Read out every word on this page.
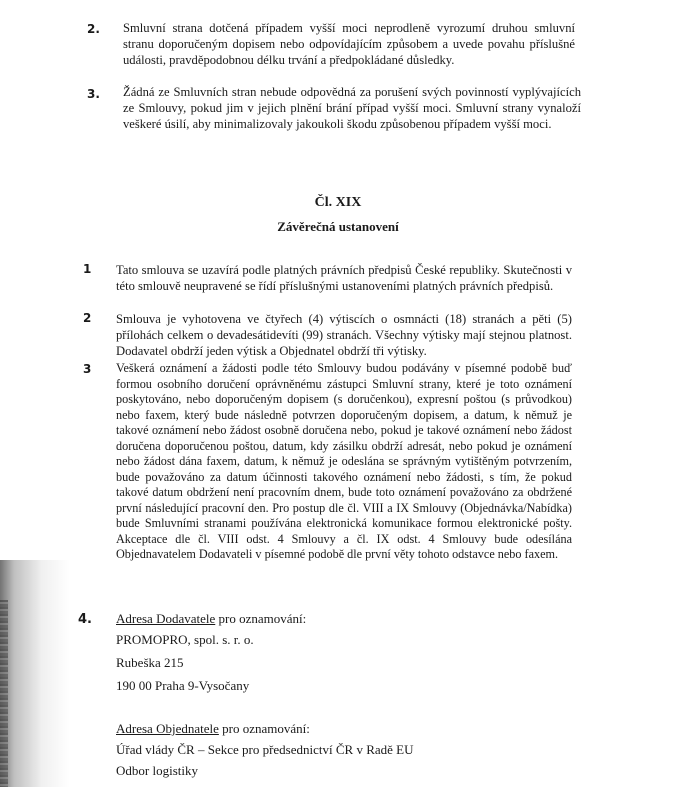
2. Smluvní strana dotčená případem vyšší moci neprodleně vyrozumí druhou smluvní stranu doporučeným dopisem nebo odpovídajícím způsobem a uvede povahu příslušné události, pravděpodobnou délku trvání a předpokládané důsledky.
3. Žádná ze Smluvních stran nebude odpovědná za porušení svých povinností vyplývajících ze Smlouvy, pokud jim v jejich plnění brání případ vyšší moci. Smluvní strany vynaloží veškeré úsilí, aby minimalizovaly jakoukoli škodu způsobenou případem vyšší moci.
Čl. XIX
Závěrečná ustanovení
1 Tato smlouva se uzavírá podle platných právních předpisů České republiky. Skutečnosti v této smlouvě neupravené se řídí příslušnými ustanoveními platných právních předpisů.
2 Smlouva je vyhotovena ve čtyřech (4) výtiscích o osmnácti (18) stranách a pěti (5) přílohách celkem o devadesátidevíti (99) stranách. Všechny výtisky mají stejnou platnost. Dodavatel obdrží jeden výtisk a Objednatel obdrží tři výtisky.
3 Veškerá oznámení a žádosti podle této Smlouvy budou podávány v písemné podobě buď formou osobního doručení oprávněnému zástupci Smluvní strany, které je toto oznámení poskytováno, nebo doporučeným dopisem (s doručenkou), expresní poštou (s průvodkou) nebo faxem, který bude následně potvrzen doporučeným dopisem, a datum, k němuž je takové oznámení nebo žádost osobně doručena nebo, pokud je takové oznámení nebo žádost doručena doporučenou poštou, datum, kdy zásilku obdrží adresát, nebo pokud je oznámení nebo žádost dána faxem, datum, k němuž je odeslána se správným vytištěným potvrzením, bude považováno za datum účinnosti takového oznámení nebo žádosti, s tím, že pokud takové datum obdržení není pracovním dnem, bude toto oznámení považováno za obdržené první následující pracovní den. Pro postup dle čl. VIII a IX Smlouvy (Objednávka/Nabídka) bude Smluvními stranami používána elektronická komunikace formou elektronické pošty. Akceptace dle čl. VIII odst. 4 Smlouvy a čl. IX odst. 4 Smlouvy bude odesílána Objednavatelem Dodavateli v písemné podobě dle první věty tohoto odstavce nebo faxem.
4. Adresa Dodavatele pro oznamování:
PROMOPRO, spol. s. r. o.
Rubeška 215
190 00 Praha 9-Vysočany
Adresa Objednatele pro oznamování:
Úřad vlády ČR – Sekce pro předsednictví ČR v Radě EU
Odbor logistiky
